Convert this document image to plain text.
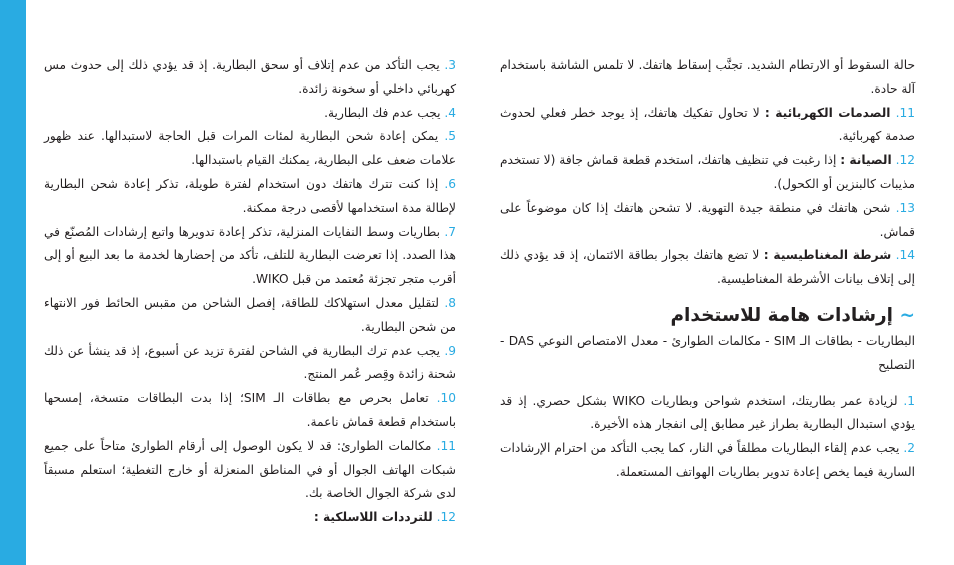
حالة السقوط أو الارتطام الشديد. تجنَّب إسقاط هاتفك. لا تلمس الشاشة باستخدام آلة حادة.

11. الصدمات الكهربائية : لا تحاول تفكيك هاتفك، إذ يوجد خطر فعلي لحدوث صدمة كهربائية.

12. الصيانة : إذا رغبت في تنظيف هاتفك، استخدم قطعة قماش جافة (لا تستخدم مذيبات كالبنزين أو الكحول).

13. شحن هاتفك في منطقة جيدة التهوية. لا تشحن هاتفك إذا كان موضوعاً على قماش.

14. شرطة المغناطيسية : لا تضع هاتفك بجوار بطاقة الائتمان، إذ قد يؤدي ذلك إلى إتلاف بيانات الأشرطة المغناطيسية.

~ إرشادات هامة للاستخدام

البطاريات - بطاقات الـ SIM - مكالمات الطوارئ - معدل الامتصاص النوعي DAS - التصليح

1. لزيادة عمر بطاريتك، استخدم شواحن وبطاريات WIKO بشكل حصري. إذ قد يؤدي استبدال البطارية بطراز غير مطابق إلى انفجار هذه الأخيرة.

2. يجب عدم إلقاء البطاريات مطلقاً في النار، كما يجب التأكد من احترام الإرشادات السارية فيما يخص إعادة تدوير بطاريات الهواتف المستعملة.

3. يجب التأكد من عدم إتلاف أو سحق البطارية. إذ قد يؤدي ذلك إلى حدوث مس كهربائي داخلي أو سخونة زائدة.

4. يجب عدم فك البطارية.

5. يمكن إعادة شحن البطارية لمئات المرات قبل الحاجة لاستبدالها. عند ظهور علامات ضعف على البطارية، يمكنك القيام باستبدالها.

6. إذا كنت تترك هاتفك دون استخدام لفترة طويلة، تذكر إعادة شحن البطارية لإطالة مدة استخدامها لأقصى درجة ممكنة.

7. بطاريات وسط النفايات المنزلية، تذكر إعادة تدويرها واتبع إرشادات المُصنّع في هذا الصدد. إذا تعرضت البطارية للتلف، تأكد من إحضارها لخدمة ما بعد البيع أو إلى أقرب متجر تجزئة مُعتمد من قبل WIKO.

8. لتقليل معدل استهلاكك للطاقة، إفصل الشاحن من مقبس الحائط فور الانتهاء من شحن البطارية.

9. يجب عدم ترك البطارية في الشاحن لفترة تزيد عن أسبوع، إذ قد ينشأ عن ذلك شحنة زائدة وقِصر عُمر المنتج.

10. تعامل بحرص مع بطاقات الـ SIM؛ إذا بدت البطاقات متسخة، إمسحها باستخدام قطعة قماش ناعمة.

11. مكالمات الطوارئ: قد لا يكون الوصول إلى أرقام الطوارئ متاحاً على جميع شبكات الهاتف الجوال أو في المناطق المنعزلة أو خارج التغطية؛ استعلم مسبقاً لدى شركة الجوال الخاصة بك.

12. للترددات اللاسلكية :
